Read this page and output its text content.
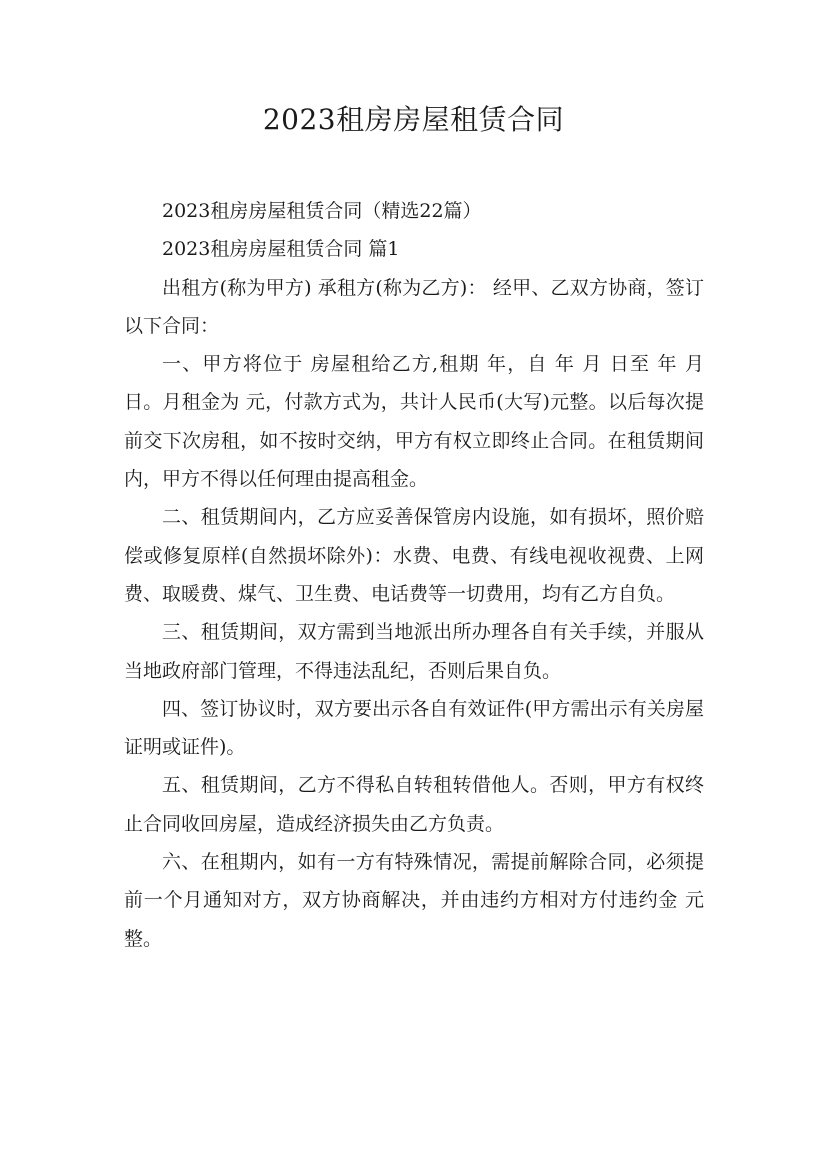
2023租房房屋租赁合同

2023租房房屋租赁合同（精选22篇）

2023租房房屋租赁合同 篇1

出租方(称为甲方) 承租方(称为乙方)： 经甲、乙双方协商，签订以下合同：

一、甲方将位于 房屋租给乙方,租期 年，自 年 月 日至 年 月 日。月租金为 元，付款方式为，共计人民币(大写)元整。以后每次提前交下次房租，如不按时交纳，甲方有权立即终止合同。在租赁期间内，甲方不得以任何理由提高租金。

二、租赁期间内，乙方应妥善保管房内设施，如有损坏，照价赔偿或修复原样(自然损坏除外)：水费、电费、有线电视收视费、上网费、取暖费、煤气、卫生费、电话费等一切费用，均有乙方自负。

三、租赁期间，双方需到当地派出所办理各自有关手续，并服从当地政府部门管理，不得违法乱纪，否则后果自负。

四、签订协议时，双方要出示各自有效证件(甲方需出示有关房屋证明或证件)。

五、租赁期间，乙方不得私自转租转借他人。否则，甲方有权终止合同收回房屋，造成经济损失由乙方负责。

六、在租期内，如有一方有特殊情况，需提前解除合同，必须提前一个月通知对方，双方协商解决，并由违约方相对方付违约金 元整。
